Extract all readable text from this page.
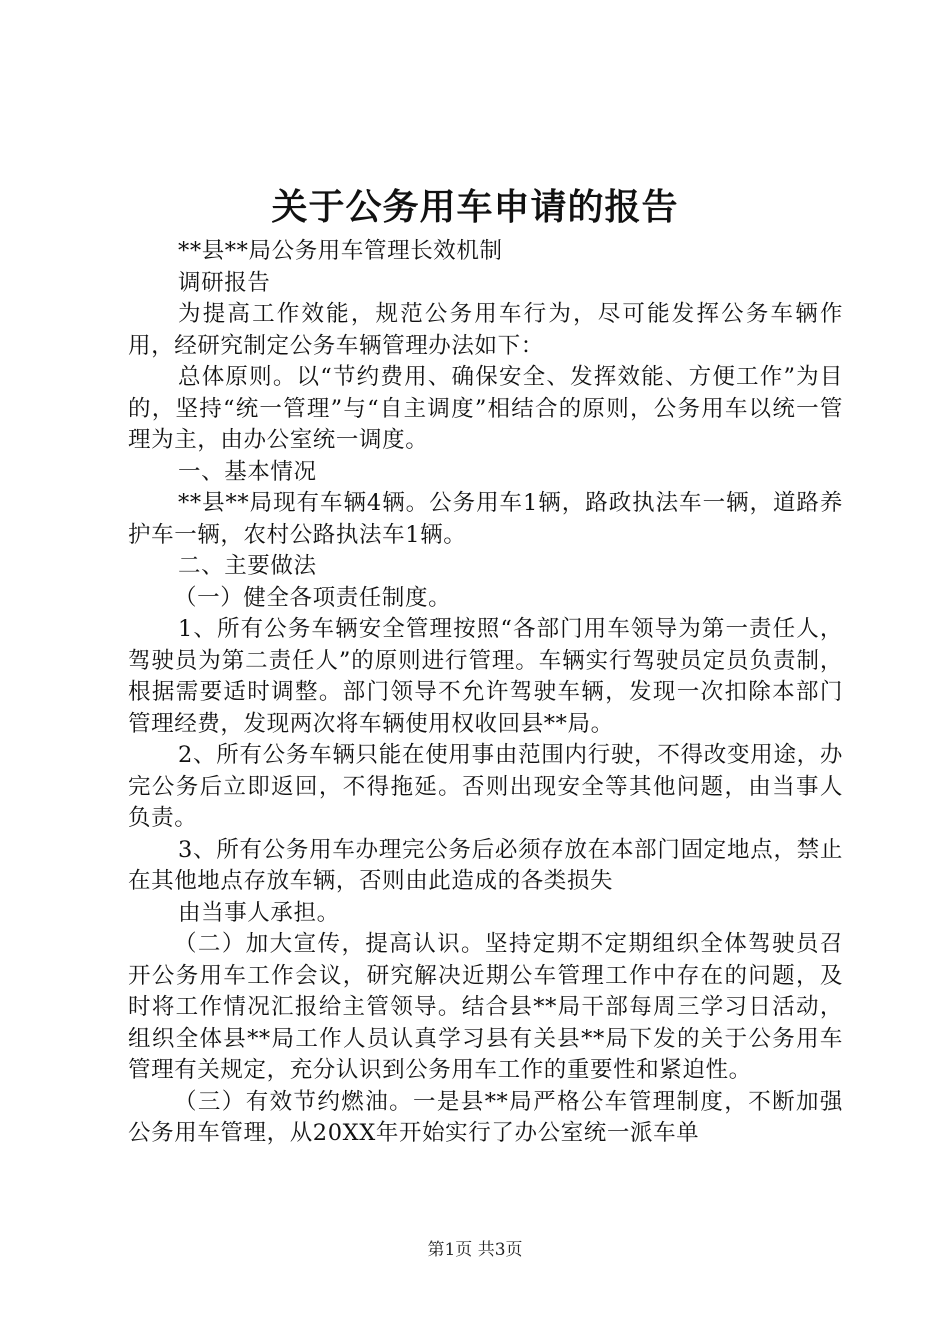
关于公务用车申请的报告

**县**局公务用车管理长效机制

调研报告

为提高工作效能，规范公务用车行为，尽可能发挥公务车辆作用，经研究制定公务车辆管理办法如下：

总体原则。以“节约费用、确保安全、发挥效能、方便工作”为目的，坚持“统一管理”与“自主调度”相结合的原则，公务用车以统一管理为主，由办公室统一调度。

一、基本情况

**县**局现有车辆4辆。公务用车1辆，路政执法车一辆，道路养护车一辆，农村公路执法车1辆。

二、主要做法

（一）健全各项责任制度。

1、所有公务车辆安全管理按照“各部门用车领导为第一责任人，驾驶员为第二责任人”的原则进行管理。车辆实行驾驶员定员负责制，根据需要适时调整。部门领导不允许驾驶车辆，发现一次扣除本部门管理经费，发现两次将车辆使用权收回县**局。

2、所有公务车辆只能在使用事由范围内行驶，不得改变用途，办完公务后立即返回，不得拖延。否则出现安全等其他问题，由当事人负责。

3、所有公务用车办理完公务后必须存放在本部门固定地点，禁止在其他地点存放车辆，否则由此造成的各类损失

由当事人承担。

（二）加大宣传，提高认识。坚持定期不定期组织全体驾驶员召开公务用车工作会议，研究解决近期公车管理工作中存在的问题，及时将工作情况汇报给主管领导。结合县**局干部每周三学习日活动，组织全体县**局工作人员认真学习县有关县**局下发的关于公务用车管理有关规定，充分认识到公务用车工作的重要性和紧迫性。

（三）有效节约燃油。一是县**局严格公车管理制度，不断加强公务用车管理，从20XX年开始实行了办公室统一派车单

第1页 共3页
